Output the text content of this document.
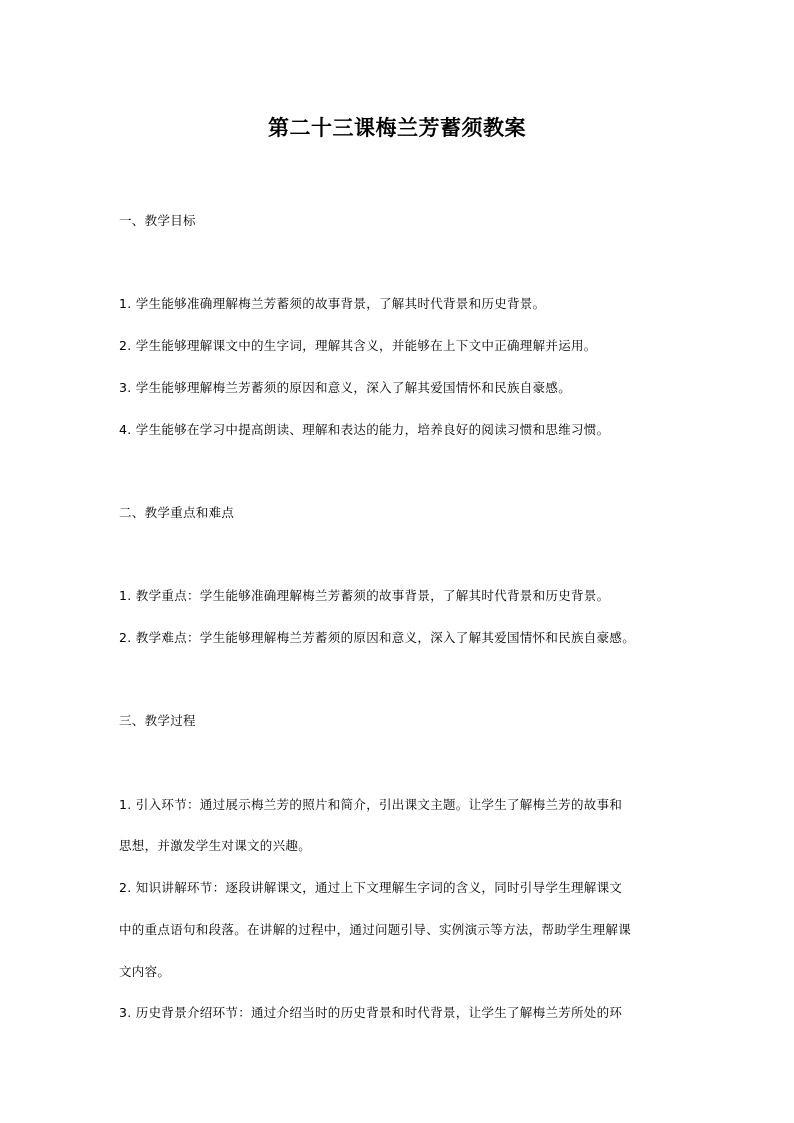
第二十三课梅兰芳蓄须教案
一、教学目标
1. 学生能够准确理解梅兰芳蓄须的故事背景，了解其时代背景和历史背景。
2. 学生能够理解课文中的生字词，理解其含义，并能够在上下文中正确理解并运用。
3. 学生能够理解梅兰芳蓄须的原因和意义，深入了解其爱国情怀和民族自豪感。
4. 学生能够在学习中提高朗读、理解和表达的能力，培养良好的阅读习惯和思维习惯。
二、教学重点和难点
1. 教学重点：学生能够准确理解梅兰芳蓄须的故事背景，了解其时代背景和历史背景。
2. 教学难点：学生能够理解梅兰芳蓄须的原因和意义，深入了解其爱国情怀和民族自豪感。
三、教学过程
1. 引入环节：通过展示梅兰芳的照片和简介，引出课文主题。让学生了解梅兰芳的故事和
思想，并激发学生对课文的兴趣。
2. 知识讲解环节：逐段讲解课文，通过上下文理解生字词的含义，同时引导学生理解课文
中的重点语句和段落。在讲解的过程中，通过问题引导、实例演示等方法，帮助学生理解课
文内容。
3. 历史背景介绍环节：通过介绍当时的历史背景和时代背景，让学生了解梅兰芳所处的环
